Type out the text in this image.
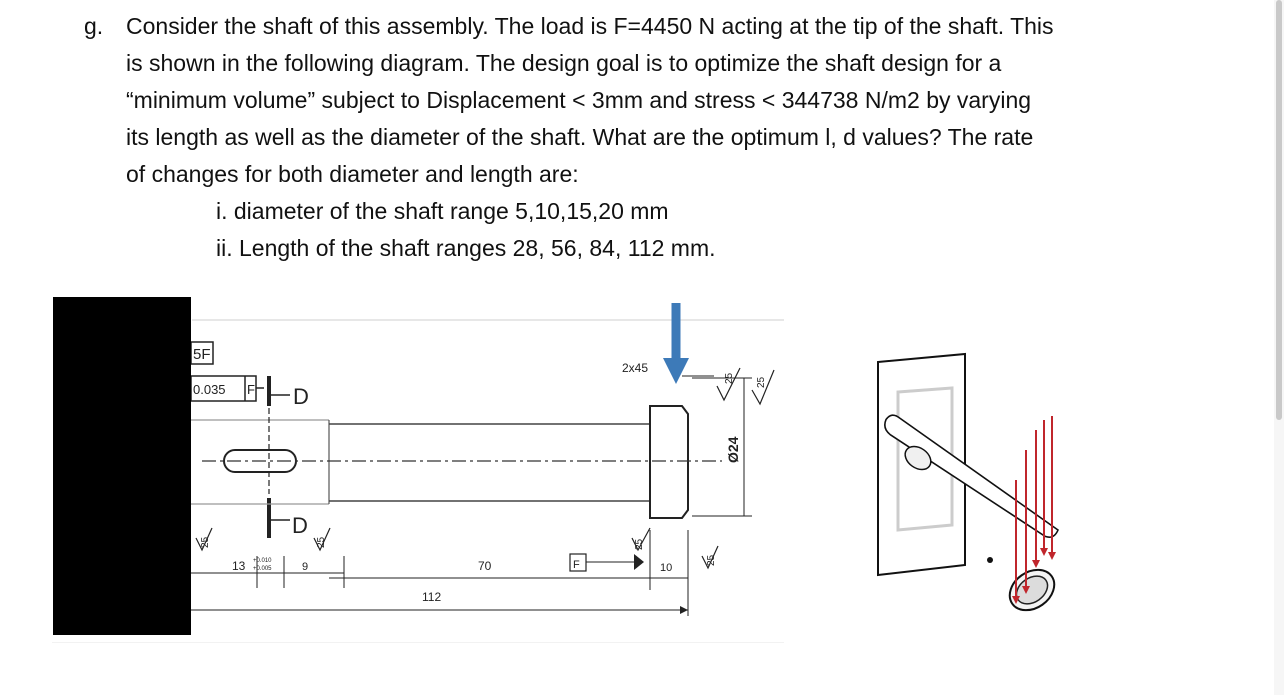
g. Consider the shaft of this assembly. The load is F=4450 N acting at the tip of the shaft. This
is shown in the following diagram. The design goal is to optimize the shaft design for a
“minimum volume” subject to Displacement < 3mm and stress < 344738 N/m2 by varying
its length as well as the diameter of the shaft. What are the optimum l, d values? The rate
of changes for both diameter and length are:
i. diameter of the shaft range 5,10,15,20 mm
ii. Length of the shaft ranges 28, 56, 84, 112 mm.
5F
0.035 F D
D
2x45
Ø24
25 25
25	25	25
25
13 +0.010
+0.005	9	70	F	10
112
